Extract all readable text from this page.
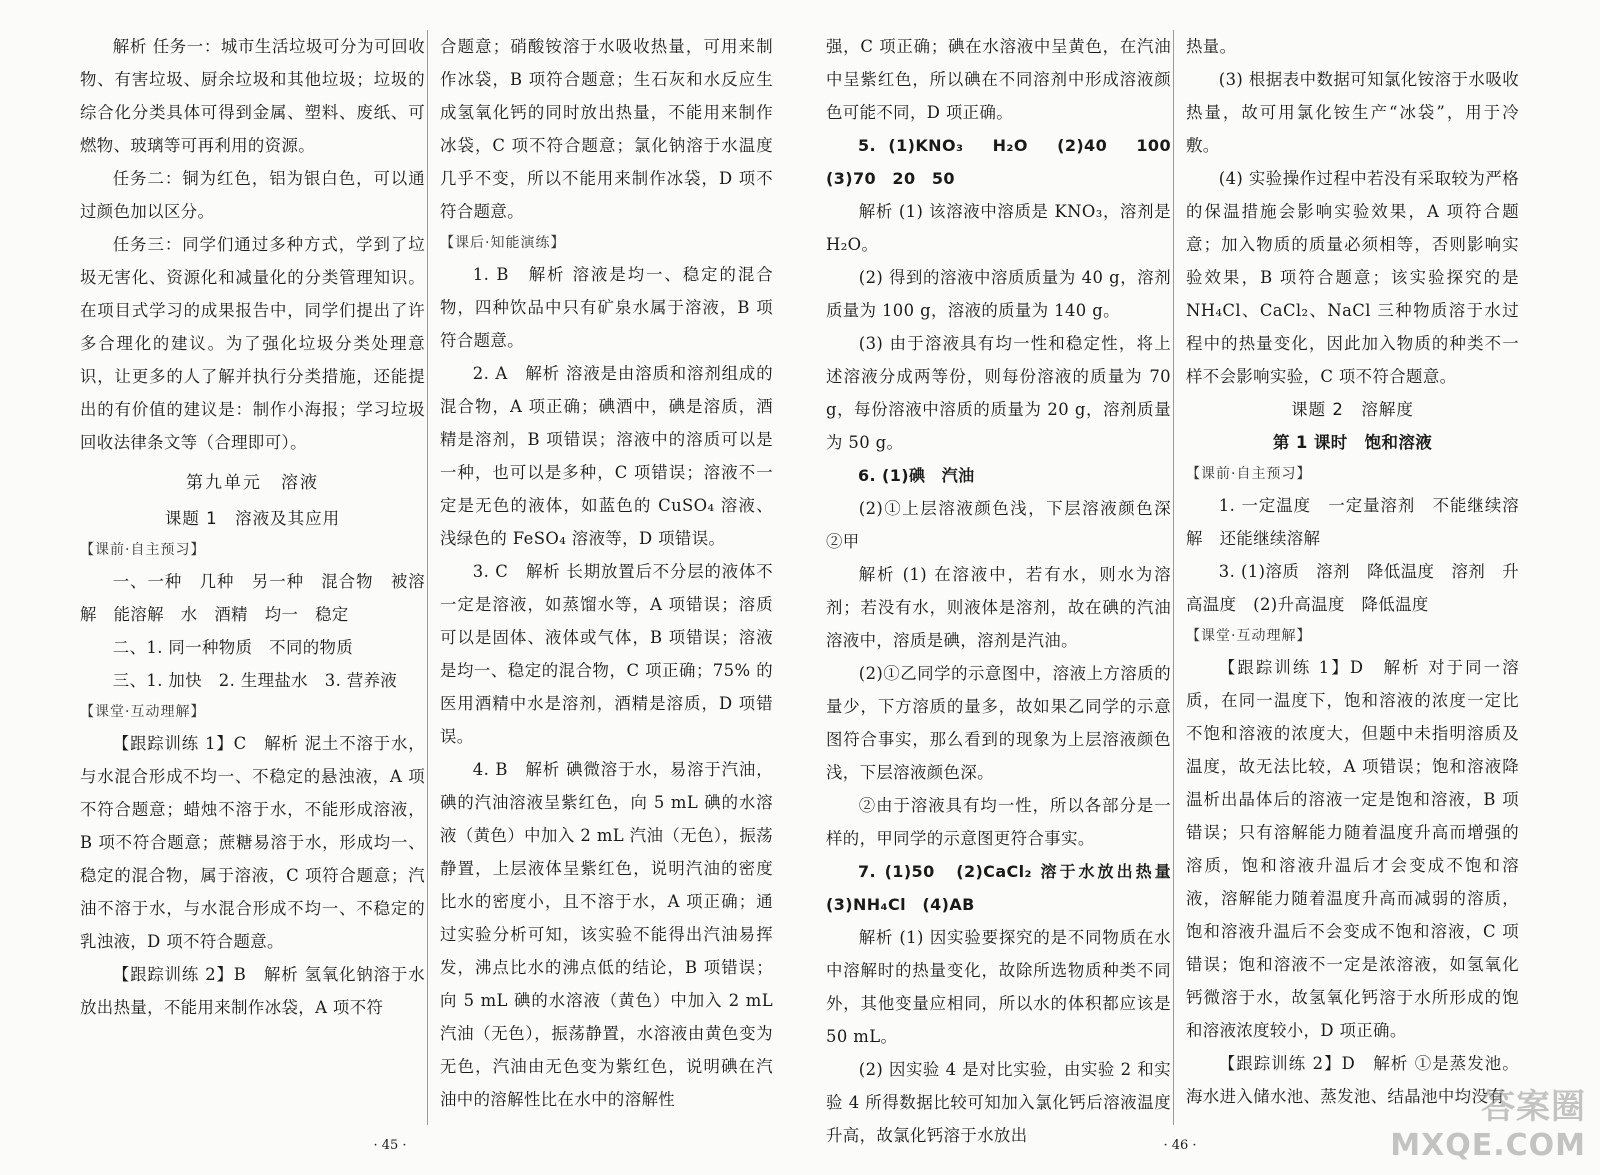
解析 任务一：城市生活垃圾可分为可回收物、有害垃圾、厨余垃圾和其他垃圾；垃圾的综合化分类具体可得到金属、塑料、废纸、可燃物、玻璃等可再利用的资源。

任务二：铜为红色，铝为银白色，可以通过颜色加以区分。

任务三：同学们通过多种方式，学到了垃圾无害化、资源化和减量化的分类管理知识。在项目式学习的成果报告中，同学们提出了许多合理化的建议。为了强化垃圾分类处理意识，让更多的人了解并执行分类措施，还能提出的有价值的建议是：制作小海报；学习垃圾回收法律条文等（合理即可）。

第九单元　溶液

课题 1　溶液及其应用

【课前·自主预习】

一、一种　几种　另一种　混合物　被溶解　能溶解　水　酒精　均一　稳定

二、1. 同一种物质　不同的物质

三、1. 加快　2. 生理盐水　3. 营养液

【课堂·互动理解】

【跟踪训练 1】C　解析 泥土不溶于水，与水混合形成不均一、不稳定的悬浊液，A 项不符合题意；蜡烛不溶于水，不能形成溶液，B 项不符合题意；蔗糖易溶于水，形成均一、稳定的混合物，属于溶液，C 项符合题意；汽油不溶于水，与水混合形成不均一、不稳定的乳浊液，D 项不符合题意。

【跟踪训练 2】B　解析 氢氧化钠溶于水放出热量，不能用来制作冰袋，A 项不符

合题意；硝酸铵溶于水吸收热量，可用来制作冰袋，B 项符合题意；生石灰和水反应生成氢氧化钙的同时放出热量，不能用来制作冰袋，C 项不符合题意；氯化钠溶于水温度几乎不变，所以不能用来制作冰袋，D 项不符合题意。

【课后·知能演练】

1. B　解析 溶液是均一、稳定的混合物，四种饮品中只有矿泉水属于溶液，B 项符合题意。

2. A　解析 溶液是由溶质和溶剂组成的混合物，A 项正确；碘酒中，碘是溶质，酒精是溶剂，B 项错误；溶液中的溶质可以是一种，也可以是多种，C 项错误；溶液不一定是无色的液体，如蓝色的 CuSO₄ 溶液、浅绿色的 FeSO₄ 溶液等，D 项错误。

3. C　解析 长期放置后不分层的液体不一定是溶液，如蒸馏水等，A 项错误；溶质可以是固体、液体或气体，B 项错误；溶液是均一、稳定的混合物，C 项正确；75% 的医用酒精中水是溶剂，酒精是溶质，D 项错误。

4. B　解析 碘微溶于水，易溶于汽油，碘的汽油溶液呈紫红色，向 5 mL 碘的水溶液（黄色）中加入 2 mL 汽油（无色），振荡静置，上层液体呈紫红色，说明汽油的密度比水的密度小，且不溶于水，A 项正确；通过实验分析可知，该实验不能得出汽油易挥发，沸点比水的沸点低的结论，B 项错误；向 5 mL 碘的水溶液（黄色）中加入 2 mL 汽油（无色），振荡静置，水溶液由黄色变为无色，汽油由无色变为紫红色，说明碘在汽油中的溶解性比在水中的溶解性

· 45 ·

强，C 项正确；碘在水溶液中呈黄色，在汽油中呈紫红色，所以碘在不同溶剂中形成溶液颜色可能不同，D 项正确。

5. (1)KNO₃　H₂O　(2)40　100　(3)70　20　50

解析 (1) 该溶液中溶质是 KNO₃，溶剂是 H₂O。

(2) 得到的溶液中溶质质量为 40 g，溶剂质量为 100 g，溶液的质量为 140 g。

(3) 由于溶液具有均一性和稳定性，将上述溶液分成两等份，则每份溶液的质量为 70 g，每份溶液中溶质的质量为 20 g，溶剂质量为 50 g。

6. (1)碘　汽油

(2)①上层溶液颜色浅，下层溶液颜色深　②甲

解析 (1) 在溶液中，若有水，则水为溶剂；若没有水，则液体是溶剂，故在碘的汽油溶液中，溶质是碘，溶剂是汽油。

(2)①乙同学的示意图中，溶液上方溶质的量少，下方溶质的量多，故如果乙同学的示意图符合事实，那么看到的现象为上层溶液颜色浅，下层溶液颜色深。

②由于溶液具有均一性，所以各部分是一样的，甲同学的示意图更符合事实。

7. (1)50　(2)CaCl₂ 溶于水放出热量　(3)NH₄Cl　(4)AB

解析 (1) 因实验要探究的是不同物质在水中溶解时的热量变化，故除所选物质种类不同外，其他变量应相同，所以水的体积都应该是 50 mL。

(2) 因实验 4 是对比实验，由实验 2 和实验 4 所得数据比较可知加入氯化钙后溶液温度升高，故氯化钙溶于水放出

热量。

(3) 根据表中数据可知氯化铵溶于水吸收热量，故可用氯化铵生产“冰袋”，用于冷敷。

(4) 实验操作过程中若没有采取较为严格的保温措施会影响实验效果，A 项符合题意；加入物质的质量必须相等，否则影响实验效果，B 项符合题意；该实验探究的是 NH₄Cl、CaCl₂、NaCl 三种物质溶于水过程中的热量变化，因此加入物质的种类不一样不会影响实验，C 项不符合题意。

课题 2　溶解度

第 1 课时　饱和溶液

【课前·自主预习】

1. 一定温度　一定量溶剂　不能继续溶解　还能继续溶解

3. (1)溶质　溶剂　降低温度　溶剂　升高温度　(2)升高温度　降低温度

【课堂·互动理解】

【跟踪训练 1】D　解析 对于同一溶质，在同一温度下，饱和溶液的浓度一定比不饱和溶液的浓度大，但题中未指明溶质及温度，故无法比较，A 项错误；饱和溶液降温析出晶体后的溶液一定是饱和溶液，B 项错误；只有溶解能力随着温度升高而增强的溶质，饱和溶液升温后才会变成不饱和溶液，溶解能力随着温度升高而减弱的溶质，饱和溶液升温后不会变成不饱和溶液，C 项错误；饱和溶液不一定是浓溶液，如氢氧化钙微溶于水，故氢氧化钙溶于水所形成的饱和溶液浓度较小，D 项正确。

【跟踪训练 2】D　解析 ①是蒸发池。海水进入储水池、蒸发池、结晶池中均没有

· 46 ·
答案圈
MXQE.COM
